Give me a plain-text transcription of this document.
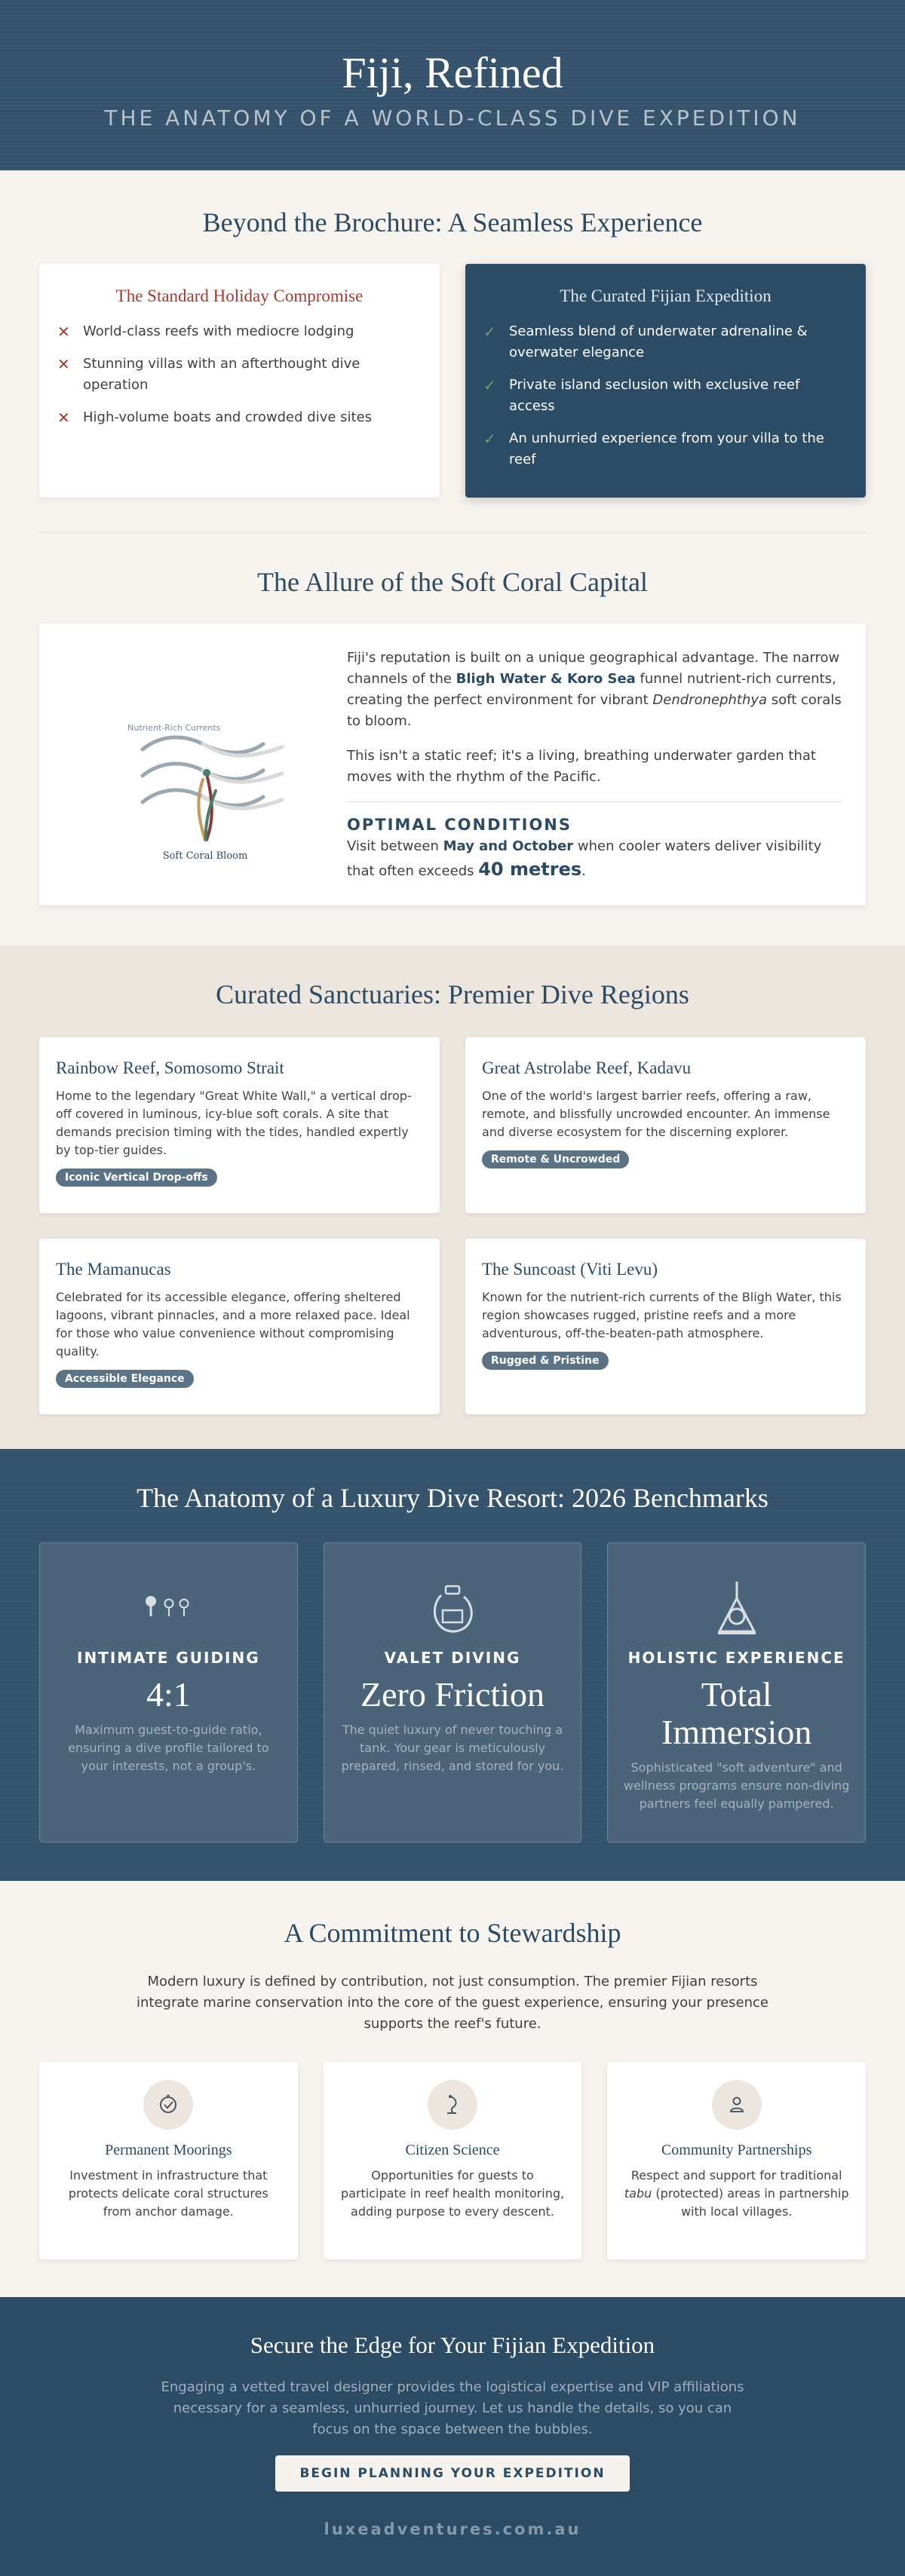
Fiji, Refined
THE ANATOMY OF A WORLD-CLASS DIVE EXPEDITION
Beyond the Brochure: A Seamless Experience
The Standard Holiday Compromise
✕ World-class reefs with mediocre lodging
✕ Stunning villas with an afterthought dive operation
✕ High-volume boats and crowded dive sites
The Curated Fijian Expedition
✓ Seamless blend of underwater adrenaline & overwater elegance
✓ Private island seclusion with exclusive reef access
✓ An unhurried experience from your villa to the reef
The Allure of the Soft Coral Capital
Nutrient-Rich Currents
Soft Coral Bloom

Fiji's reputation is built on a unique geographical advantage. The narrow channels of the Bligh Water & Koro Sea funnel nutrient-rich currents, creating the perfect environment for vibrant Dendronephthya soft corals to bloom.

This isn't a static reef; it's a living, breathing underwater garden that moves with the rhythm of the Pacific.

OPTIMAL CONDITIONS
Visit between May and October when cooler waters deliver visibility that often exceeds 40 metres.
Curated Sanctuaries: Premier Dive Regions
Rainbow Reef, Somosomo Strait

Home to the legendary "Great White Wall," a vertical drop-off covered in luminous, icy-blue soft corals. A site that demands precision timing with the tides, handled expertly by top-tier guides.

Iconic Vertical Drop-offs
Great Astrolabe Reef, Kadavu

One of the world's largest barrier reefs, offering a raw, remote, and blissfully uncrowded encounter. An immense and diverse ecosystem for the discerning explorer.

Remote & Uncrowded
The Mamanucas

Celebrated for its accessible elegance, offering sheltered lagoons, vibrant pinnacles, and a more relaxed pace. Ideal for those who value convenience without compromising quality.

Accessible Elegance
The Suncoast (Viti Levu)

Known for the nutrient-rich currents of the Bligh Water, this region showcases rugged, pristine reefs and a more adventurous, off-the-beaten-path atmosphere.

Rugged & Pristine
The Anatomy of a Luxury Dive Resort: 2026 Benchmarks
INTIMATE GUIDING
4:1
Maximum guest-to-guide ratio, ensuring a dive profile tailored to your interests, not a group's.
VALET DIVING
Zero Friction
The quiet luxury of never touching a tank. Your gear is meticulously prepared, rinsed, and stored for you.
HOLISTIC EXPERIENCE
Total Immersion
Sophisticated "soft adventure" and wellness programs ensure non-diving partners feel equally pampered.
A Commitment to Stewardship

Modern luxury is defined by contribution, not just consumption. The premier Fijian resorts integrate marine conservation into the core of the guest experience, ensuring your presence supports the reef's future.

Permanent Moorings

Investment in infrastructure that protects delicate coral structures from anchor damage.

Citizen Science

Opportunities for guests to participate in reef health monitoring, adding purpose to every descent.

Community Partnerships

Respect and support for traditional tabu (protected) areas in partnership with local villages.

Secure the Edge for Your Fijian Expedition

Engaging a vetted travel designer provides the logistical expertise and VIP affiliations necessary for a seamless, unhurried journey. Let us handle the details, so you can focus on the space between the bubbles.

BEGIN PLANNING YOUR EXPEDITION
luxeadventures.com.au
